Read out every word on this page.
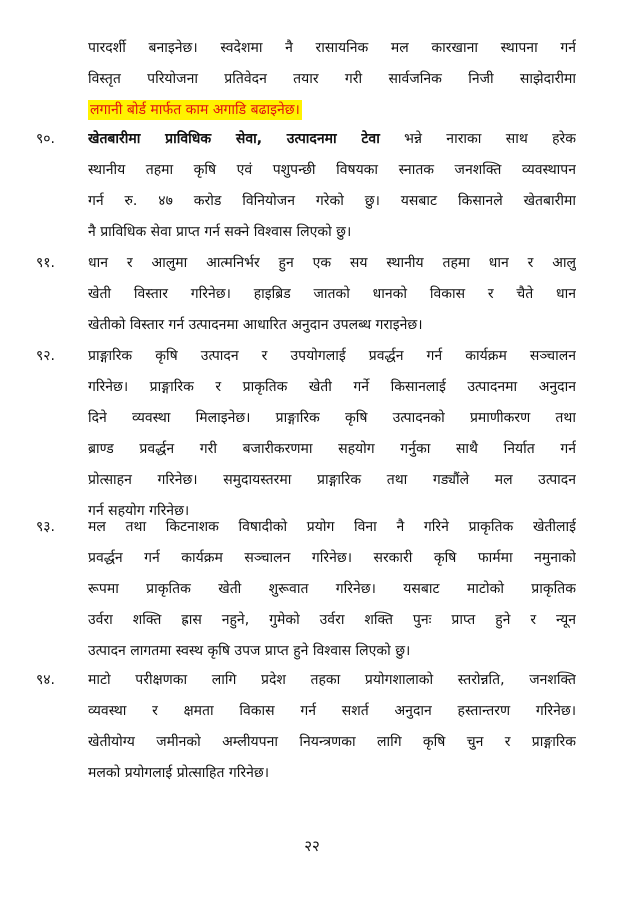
पारदर्शी बनाइनेछ। स्वदेशमा नै रासायनिक मल कारखाना स्थापना गर्न
विस्तृत परियोजना प्रतिवेदन तयार गरी सार्वजनिक निजी साझेदारीमा
लगानी बोर्ड मार्फत काम अगाडि बढाइनेछ।
९०. खेतबारीमा प्राविधिक सेवा, उत्पादनमा टेवा भन्ने नाराका साथ हरेक
स्थानीय तहमा कृषि एवं पशुपन्छी विषयका स्नातक जनशक्ति व्यवस्थापन
गर्न रु. ४७ करोड विनियोजन गरेको छु। यसबाट किसानले खेतबारीमा
नै प्राविधिक सेवा प्राप्त गर्न सक्ने विश्वास लिएको छु।
९१. धान र आलुमा आत्मनिर्भर हुन एक सय स्थानीय तहमा धान र आलु
खेती विस्तार गरिनेछ। हाइब्रिड जातको धानको विकास र चैते धान
खेतीको विस्तार गर्न उत्पादनमा आधारित अनुदान उपलब्ध गराइनेछ।
९२. प्राङ्गारिक कृषि उत्पादन र उपयोगलाई प्रवर्द्धन गर्न कार्यक्रम सञ्चालन
गरिनेछ। प्राङ्गारिक र प्राकृतिक खेती गर्ने किसानलाई उत्पादनमा अनुदान
दिने व्यवस्था मिलाइनेछ। प्राङ्गारिक कृषि उत्पादनको प्रमाणीकरण तथा
ब्राण्ड प्रवर्द्धन गरी बजारीकरणमा सहयोग गर्नुका साथै निर्यात गर्न
प्रोत्साहन गरिनेछ। समुदायस्तरमा प्राङ्गारिक तथा गड्यौंले मल उत्पादन
गर्न सहयोग गरिनेछ।
९३. मल तथा किटनाशक विषादीको प्रयोग विना नै गरिने प्राकृतिक खेतीलाई
प्रवर्द्धन गर्न कार्यक्रम सञ्चालन गरिनेछ। सरकारी कृषि फार्ममा नमुनाको
रूपमा प्राकृतिक खेती शुरूवात गरिनेछ। यसबाट माटोको प्राकृतिक
उर्वरा शक्ति ह्रास नहुने, गुमेको उर्वरा शक्ति पुनः प्राप्त हुने र न्यून
उत्पादन लागतमा स्वस्थ कृषि उपज प्राप्त हुने विश्वास लिएको छु।
९४. माटो परीक्षणका लागि प्रदेश तहका प्रयोगशालाको स्तरोन्नति, जनशक्ति
व्यवस्था र क्षमता विकास गर्न सशर्त अनुदान हस्तान्तरण गरिनेछ।
खेतीयोग्य जमीनको अम्लीयपना नियन्त्रणका लागि कृषि चुन र प्राङ्गारिक
मलको प्रयोगलाई प्रोत्साहित गरिनेछ।
२२
